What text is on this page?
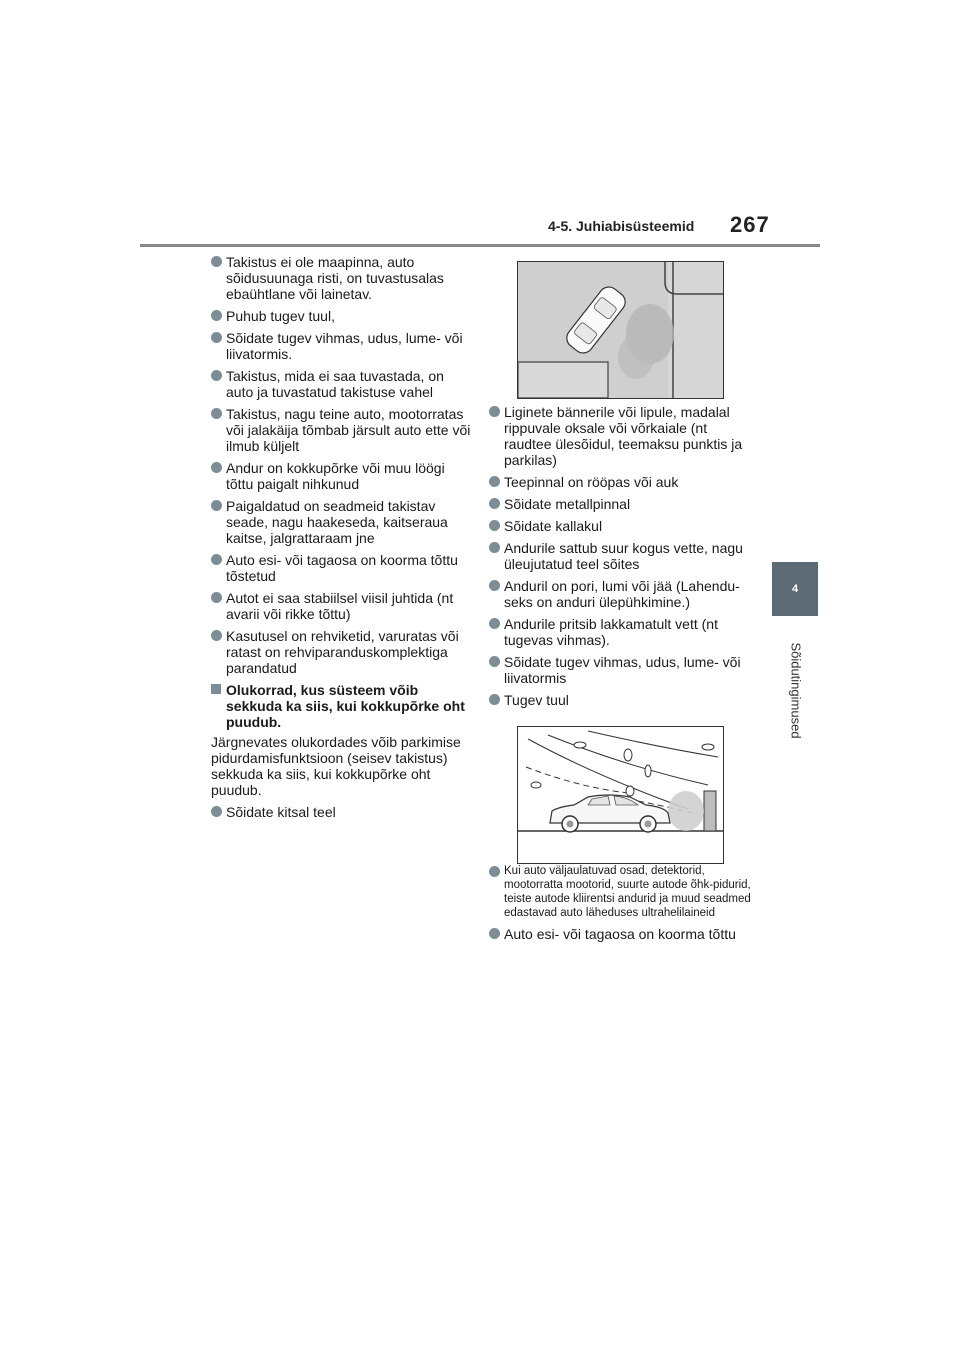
4-5. Juhiabisüsteemid 267
4
Sõidutingimused
Takistus ei ole maapinna, auto sõidusuunaga risti, on tuvastusalas ebaühtlane või lainetav.
Puhub tugev tuul,
Sõidate tugev vihmas, udus, lume- või liivatormis.
Takistus, mida ei saa tuvastada, on auto ja tuvastatud takistuse vahel
Takistus, nagu teine auto, mootorratas või jalakäija tõmbab järsult auto ette või ilmub küljelt
Andur on kokkupõrke või muu löögi tõttu paigalt nihkunud
Paigaldatud on seadmeid takistav seade, nagu haakeseda, kaitseraua kaitse, jalgrattaraam jne
Auto esi- või tagaosa on koorma tõttu tõstetud
Autot ei saa stabiilsel viisil juhtida (nt avarii või rikke tõttu)
Kasutusel on rehviketid, varuratas või ratast on rehviparanduskomplektiga parandatud
Olukorrad, kus süsteem võib sekkuda ka siis, kui kokkupõrke oht puudub.

Järgnevates olukordades võib parkimise pidurdamisfunktsioon (seisev takistus) sekkuda ka siis, kui kokkupõrke oht puudub.

Sõidate kitsal teel
Liginete bännerile või lipule, madalal rippuvale oksale või võrkaiale (nt raudtee ülesõidul, teemaksu punktis ja parkilas)
Teepinnal on rööpas või auk
Sõidate metallpinnal
Sõidate kallakul
Andurile sattub suur kogus vette, nagu üleujutatud teel sõites
Anduril on pori, lumi või jää (Lahendu-seks on anduri ülepühkimine.)
Andurile pritsib lakkamatult vett (nt tugevas vihmas).
Sõidate tugev vihmas, udus, lume- või liivatormis
Tugev tuul
Kui auto väljaulatuvad osad, detektorid, mootorratta mootorid, suurte autode õhk-pidurid, teiste autode kliirentsi andurid ja muud seadmed edastavad auto läheduses ultrahelilaineid
Auto esi- või tagaosa on koorma tõttu
